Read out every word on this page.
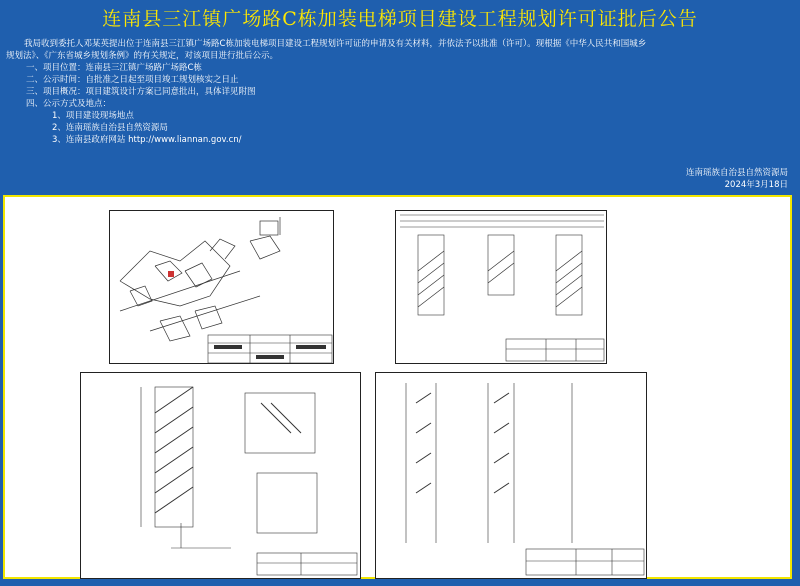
连南县三江镇广场路C栋加装电梯项目建设工程规划许可证批后公告

我局收到委托人邓某英提出位于连南县三江镇广场路C栋加装电梯项目建设工程规划许可证的申请及有关材料，并依法予以批准（许可）。现根据《中华人民共和国城乡

规划法》、《广东省城乡规划条例》的有关规定，对该项目进行批后公示。

一、项目位置：连南县三江镇广场路广场路C栋

二、公示时间：自批准之日起至项目竣工规划核实之日止

三、项目概况：项目建筑设计方案已同意批出，具体详见附图

四、公示方式及地点：

1、项目建设现场地点

2、连南瑶族自治县自然资源局

3、连南县政府网站 http://www.liannan.gov.cn/

连南瑶族自治县自然资源局
2024年3月18日
